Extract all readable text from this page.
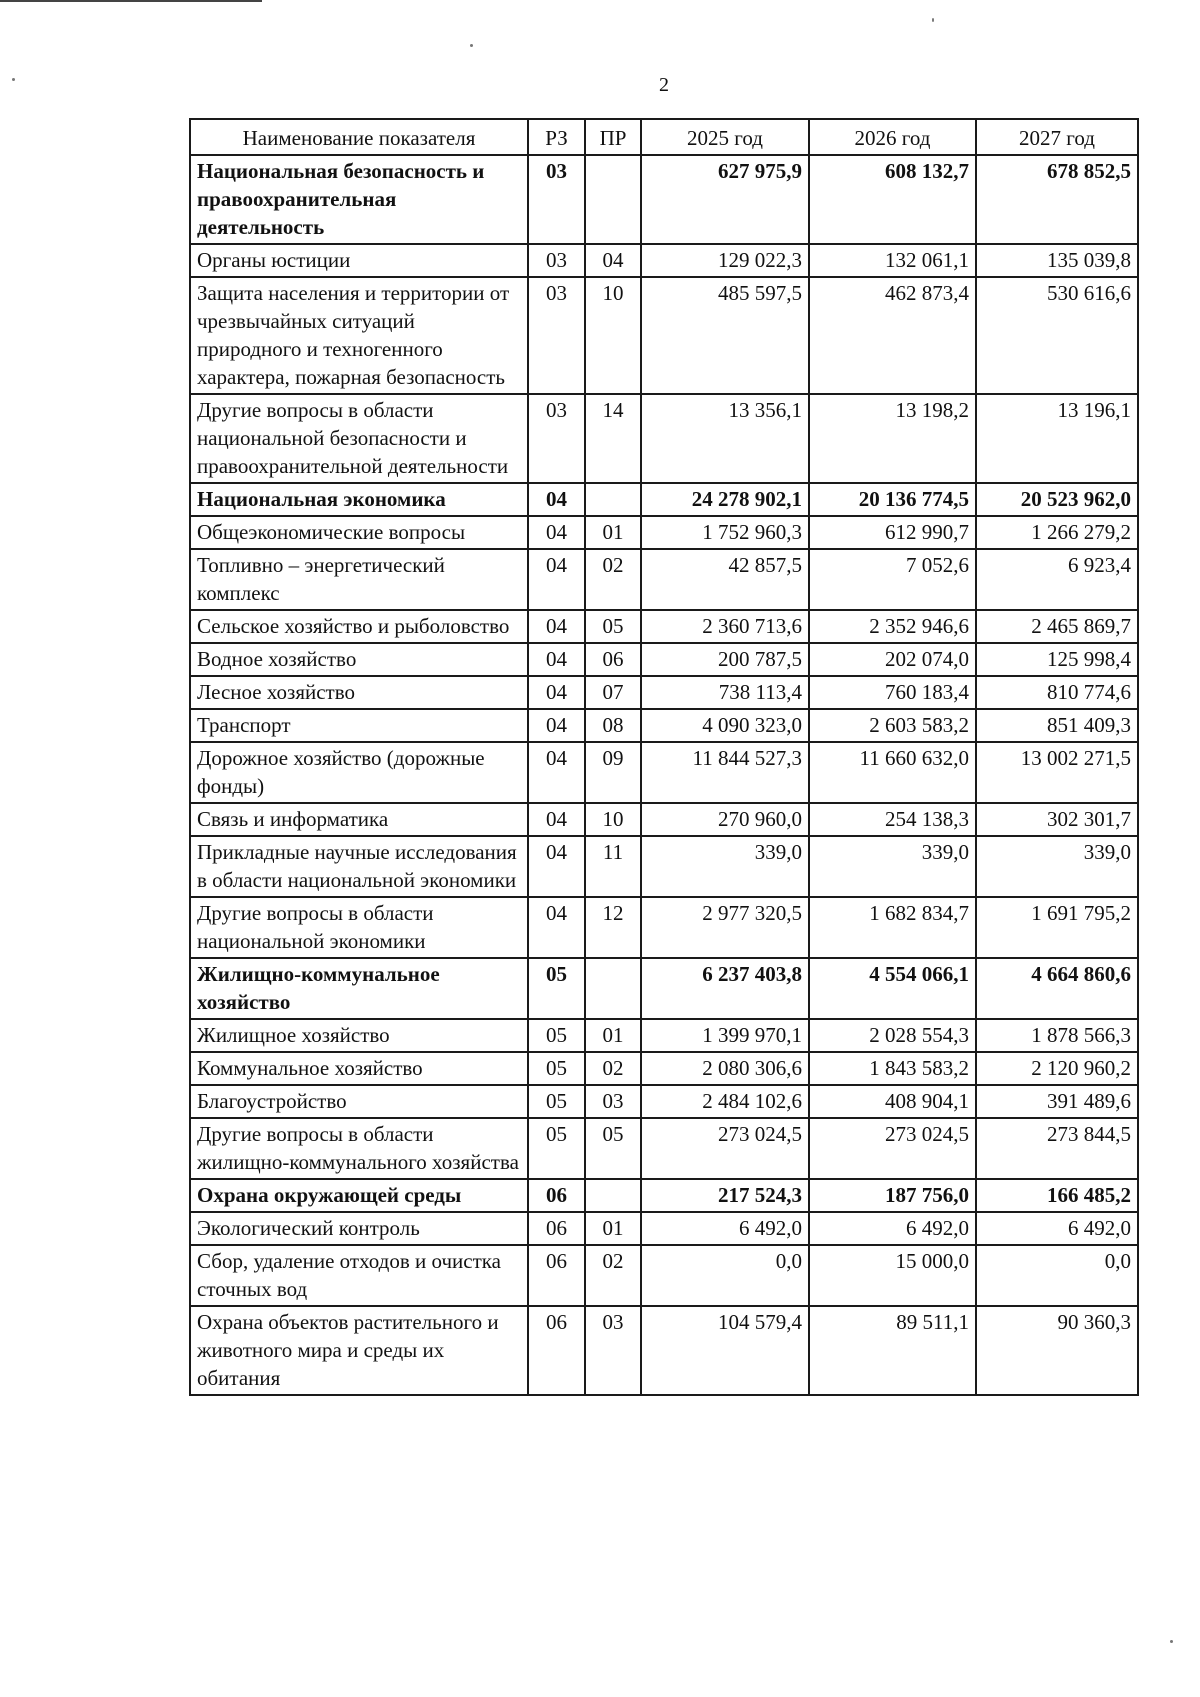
2
Наименование показателя	РЗ	ПР	2025 год	2026 год	2027 год
Национальная безопасность и правоохранительная деятельность	03		627 975,9	608 132,7	678 852,5
Органы юстиции	03	04	129 022,3	132 061,1	135 039,8
Защита населения и территории от чрезвычайных ситуаций природного и техногенного характера, пожарная безопасность	03	10	485 597,5	462 873,4	530 616,6
Другие вопросы в области национальной безопасности и правоохранительной деятельности	03	14	13 356,1	13 198,2	13 196,1
Национальная экономика	04		24 278 902,1	20 136 774,5	20 523 962,0
Общеэкономические вопросы	04	01	1 752 960,3	612 990,7	1 266 279,2
Топливно – энергетический комплекс	04	02	42 857,5	7 052,6	6 923,4
Сельское хозяйство и рыболовство	04	05	2 360 713,6	2 352 946,6	2 465 869,7
Водное хозяйство	04	06	200 787,5	202 074,0	125 998,4
Лесное хозяйство	04	07	738 113,4	760 183,4	810 774,6
Транспорт	04	08	4 090 323,0	2 603 583,2	851 409,3
Дорожное хозяйство (дорожные фонды)	04	09	11 844 527,3	11 660 632,0	13 002 271,5
Связь и информатика	04	10	270 960,0	254 138,3	302 301,7
Прикладные научные исследования в области национальной экономики	04	11	339,0	339,0	339,0
Другие вопросы в области национальной экономики	04	12	2 977 320,5	1 682 834,7	1 691 795,2
Жилищно-коммунальное хозяйство	05		6 237 403,8	4 554 066,1	4 664 860,6
Жилищное хозяйство	05	01	1 399 970,1	2 028 554,3	1 878 566,3
Коммунальное хозяйство	05	02	2 080 306,6	1 843 583,2	2 120 960,2
Благоустройство	05	03	2 484 102,6	408 904,1	391 489,6
Другие вопросы в области жилищно-коммунального хозяйства	05	05	273 024,5	273 024,5	273 844,5
Охрана окружающей среды	06		217 524,3	187 756,0	166 485,2
Экологический контроль	06	01	6 492,0	6 492,0	6 492,0
Сбор, удаление отходов и очистка сточных вод	06	02	0,0	15 000,0	0,0
Охрана объектов растительного и животного мира и среды их обитания	06	03	104 579,4	89 511,1	90 360,3
